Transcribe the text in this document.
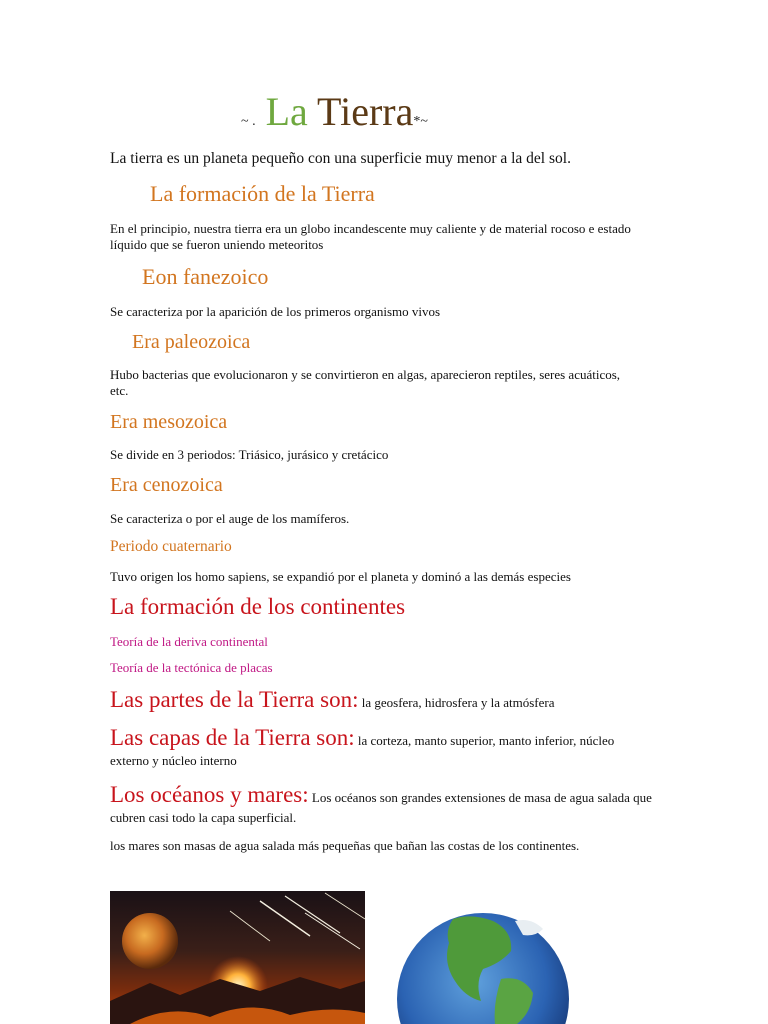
~ . La Tierra*~
La tierra es un planeta pequeño con una superficie muy menor a la del sol.
La formación de la Tierra
En el principio, nuestra tierra era un globo incandescente muy caliente y de material rocoso e estado líquido que se fueron uniendo meteoritos
Eon fanezoico
Se caracteriza por la aparición de los primeros organismo vivos
Era paleozoica
Hubo bacterias que evolucionaron y se convirtieron en algas, aparecieron reptiles, seres acuáticos, etc.
Era mesozoica
Se divide en 3 periodos: Triásico, jurásico y cretácico
Era cenozoica
Se caracteriza o por el auge de los mamíferos.
Periodo cuaternario
Tuvo origen los homo sapiens, se expandió por el planeta y dominó a las demás especies
La formación de los continentes
Teoría de la deriva continental
Teoría de la tectónica de placas
Las partes de la Tierra son: la geosfera, hidrosfera y la atmósfera
Las capas de la Tierra son: la corteza, manto superior, manto inferior, núcleo externo y núcleo interno
Los océanos y mares: Los océanos son grandes extensiones de masa de agua salada que cubren casi todo la capa superficial.
los mares son masas de agua salada más pequeñas que bañan las costas de los continentes.
